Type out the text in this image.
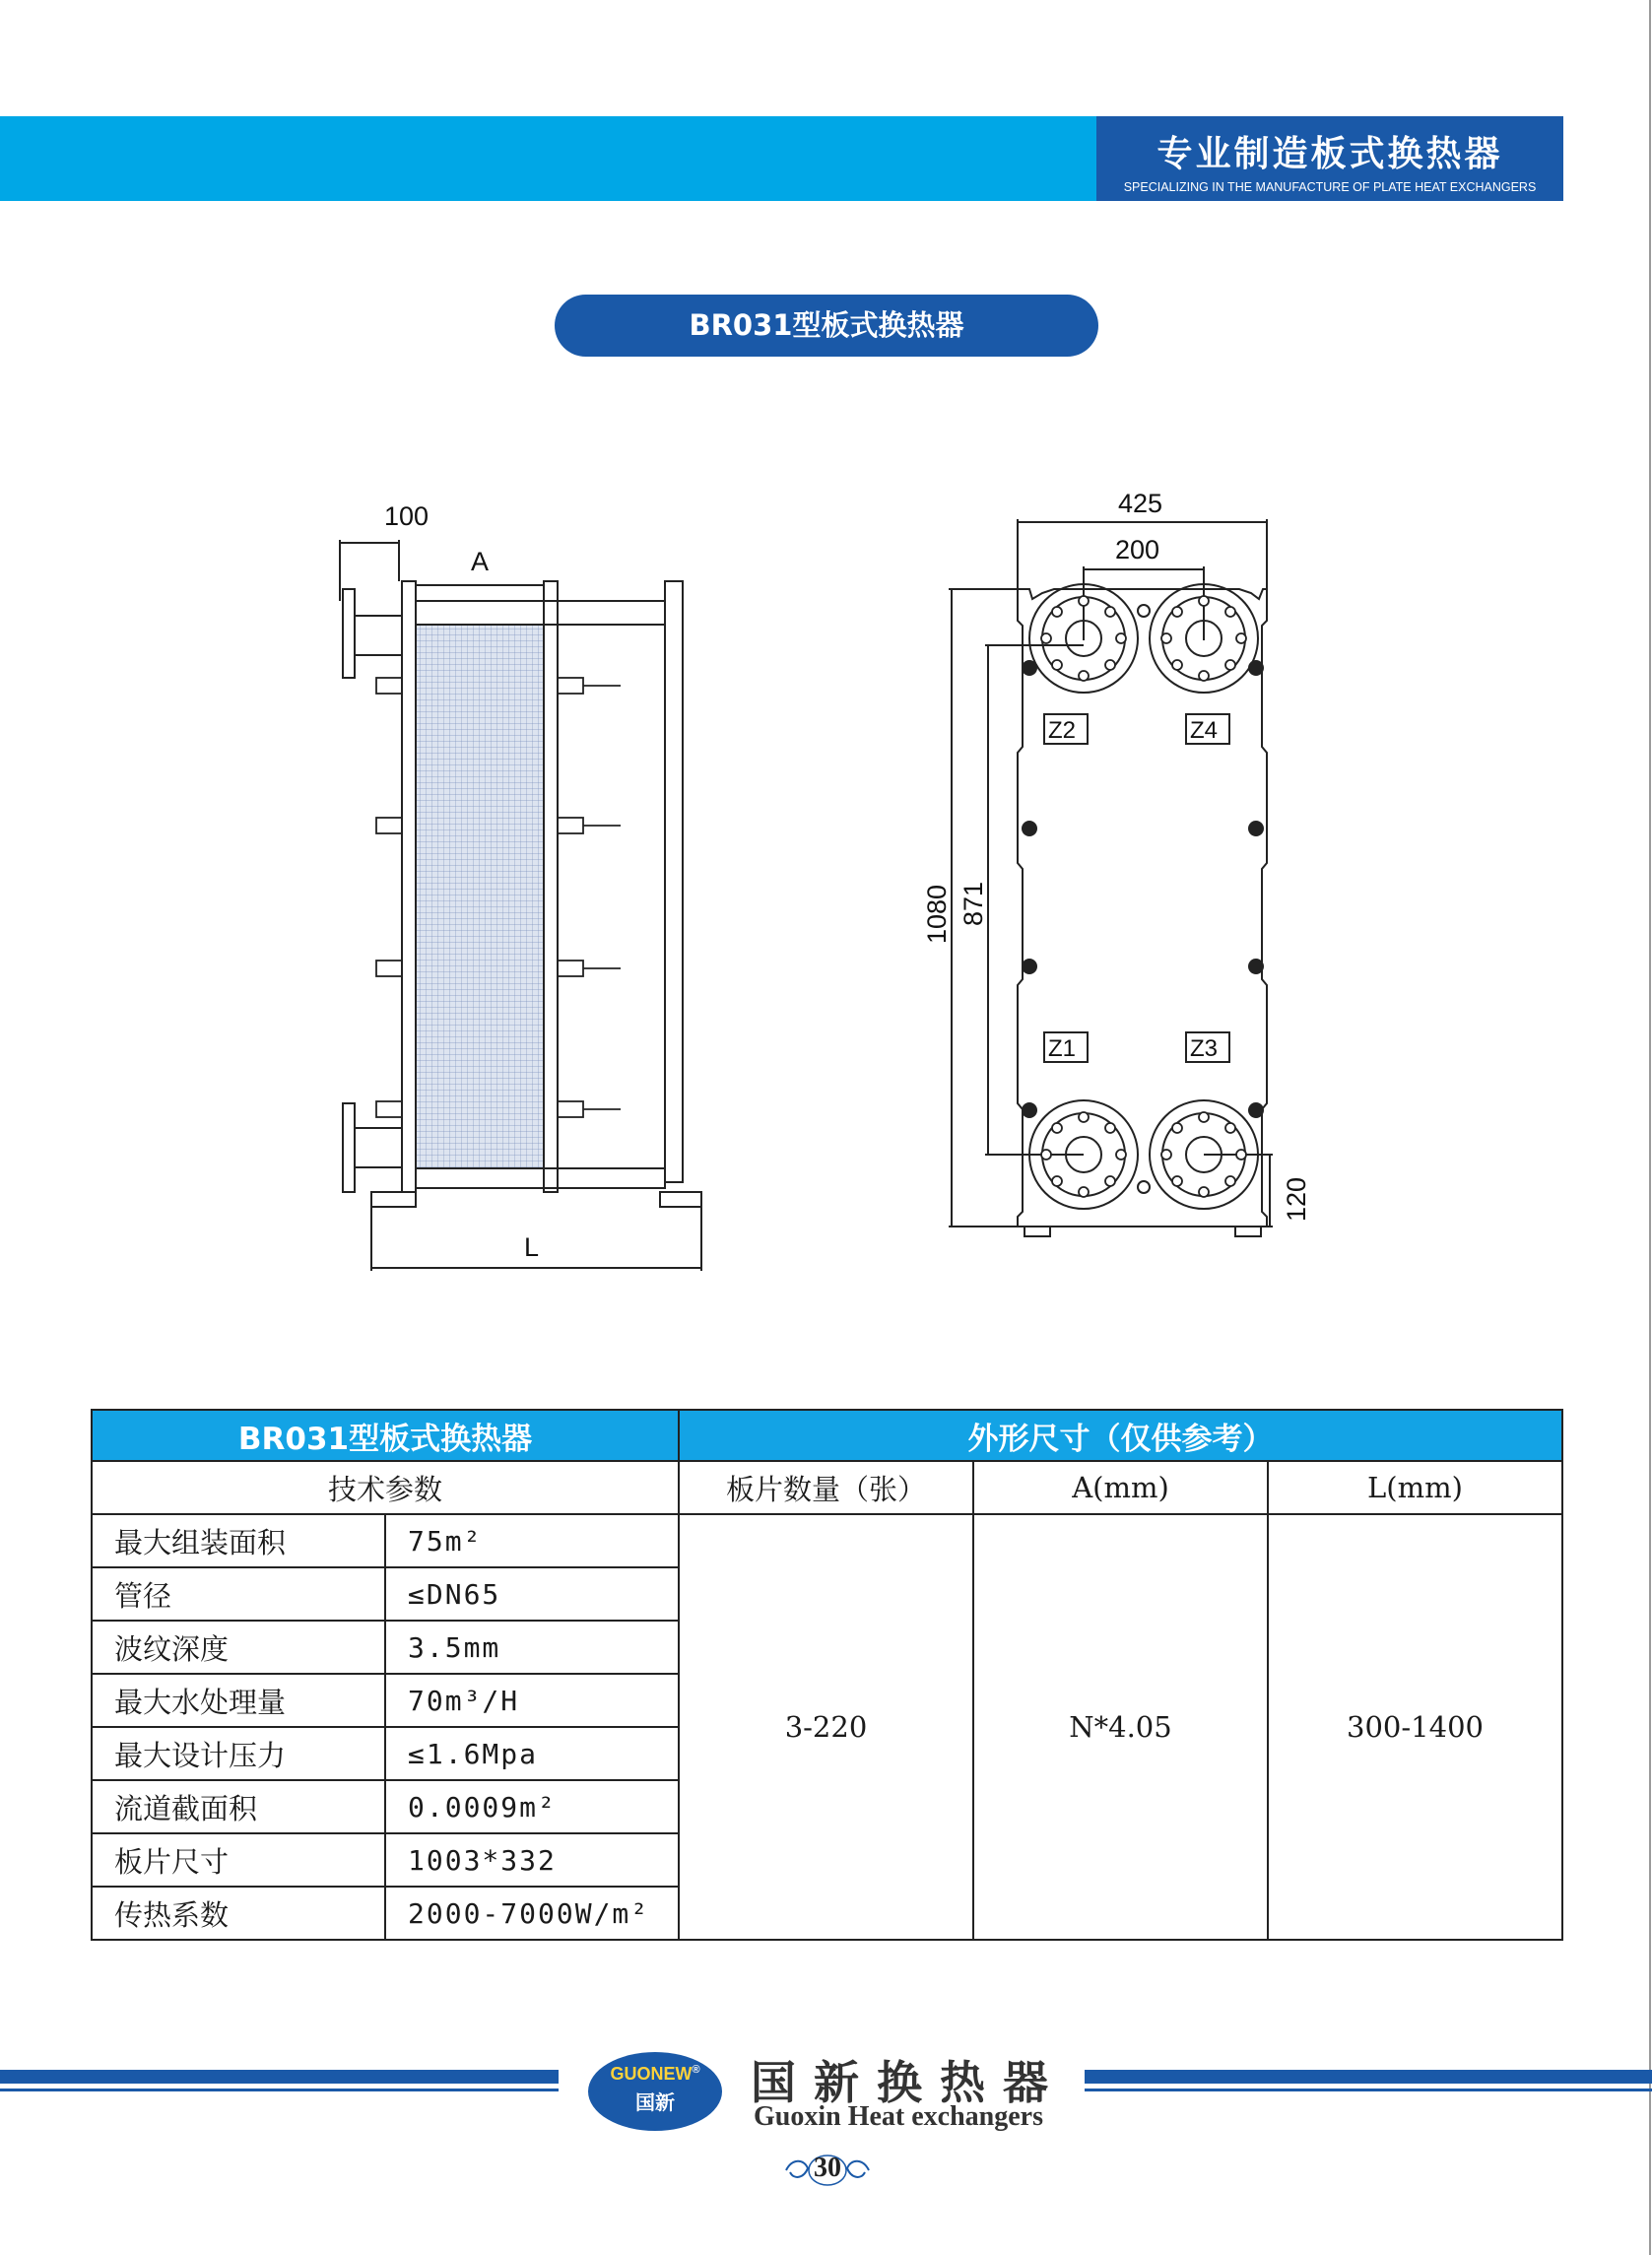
专业制造板式换热器
SPECIALIZING IN THE MANUFACTURE OF PLATE HEAT EXCHANGERS
BR031型板式换热器
100
A
L
425
200
1080 871
120
Z2	Z4
Z1	Z3
BR031型板式换热器		外形尺寸（仅供参考）		
技术参数		板片数量（张）	A(mm)	L(mm)
最大组装面积	75m²	3-220	N*4.05	300-1400
管径	≤DN65			
波纹深度	3.5mm			
最大水处理量	70m³/H			
最大设计压力	≤1.6Mpa			
流道截面积	0.0009m²			
板片尺寸	1003*332			
传热系数	2000-7000W/m²			
GUONEW®
国新	国新换热器
Guoxin Heat exchangers
30
